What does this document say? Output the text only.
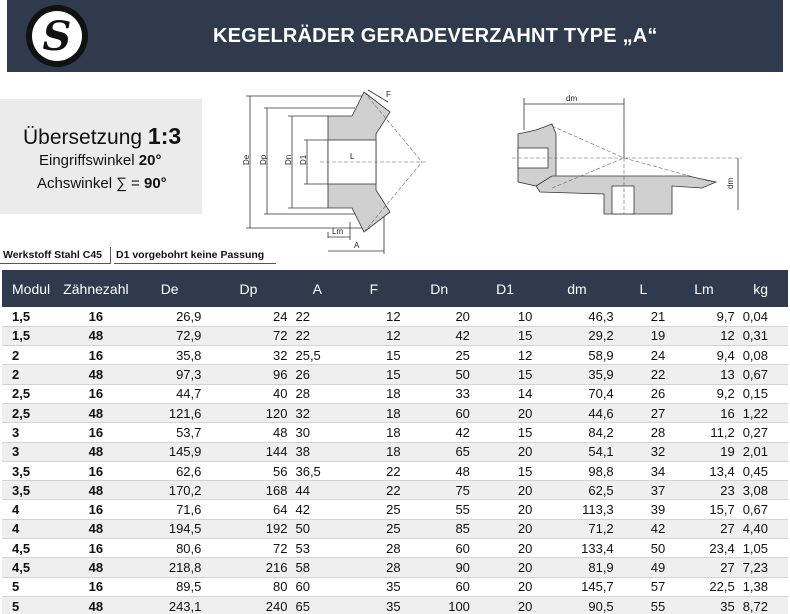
S	KEGELRÄDER GERADEVERZAHNT TYPE „A“
Übersetzung 1:3
Eingriffswinkel 20°
Achswinkel ∑ = 90°
De Dp Dn D1	L
F
Lm
A
dm
dm
Werkstoff Stahl C45 D1 vorgebohrt keine Passung
Modul	Zähnezahl	De	Dp	A	F	Dn	D1	dm	L	Lm	kg
1,5	16	26,9	24	22	12	20	10	46,3	21	9,7	0,04
1,5	48	72,9	72	22	12	42	15	29,2	19	12	0,31
2	16	35,8	32	25,5	15	25	12	58,9	24	9,4	0,08
2	48	97,3	96	26	15	50	15	35,9	22	13	0,67
2,5	16	44,7	40	28	18	33	14	70,4	26	9,2	0,15
2,5	48	121,6	120	32	18	60	20	44,6	27	16	1,22
3	16	53,7	48	30	18	42	15	84,2	28	11,2	0,27
3	48	145,9	144	38	18	65	20	54,1	32	19	2,01
3,5	16	62,6	56	36,5	22	48	15	98,8	34	13,4	0,45
3,5	48	170,2	168	44	22	75	20	62,5	37	23	3,08
4	16	71,6	64	42	25	55	20	113,3	39	15,7	0,67
4	48	194,5	192	50	25	85	20	71,2	42	27	4,40
4,5	16	80,6	72	53	28	60	20	133,4	50	23,4	1,05
4,5	48	218,8	216	58	28	90	20	81,9	49	27	7,23
5	16	89,5	80	60	35	60	20	145,7	57	22,5	1,38
5	48	243,1	240	65	35	100	20	90,5	55	35	8,72
